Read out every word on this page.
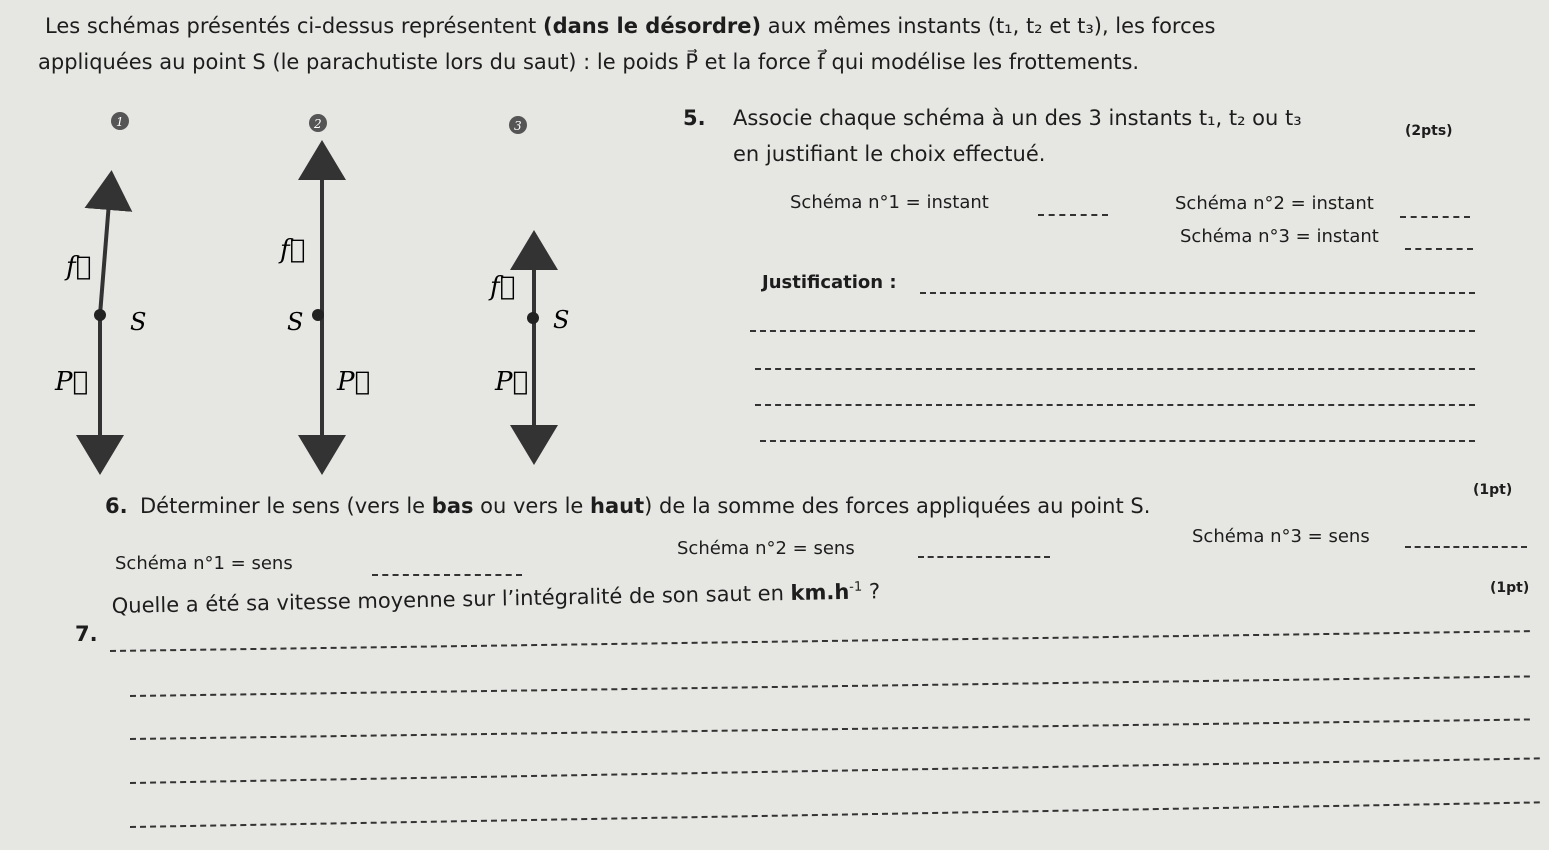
Les schémas présentés ci-dessus représentent (dans le désordre) aux mêmes instants (t₁, t₂ et t₃), les forces
appliquées au point S (le parachutiste lors du saut) : le poids P⃗ et la force f⃗ qui modélise les frottements.
1
S
f⃗
P⃗
2
S
f⃗
P⃗
3
S
f⃗
P⃗
5. Associe chaque schéma à un des 3 instants t₁, t₂ ou t₃
(2pts)
en justifiant le choix effectué.
Schéma n°1 = instant	Schéma n°2 = instant
Schéma n°3 = instant
Justification :
6. Déterminer le sens (vers le bas ou vers le haut) de la somme des forces appliquées au point S.
(1pt)
Schéma n°1 = sens
Schéma n°2 = sens
Schéma n°3 = sens
(1pt)
7.
Quelle a été sa vitesse moyenne sur l’intégralité de son saut en $km.h^{-1}$ ?
